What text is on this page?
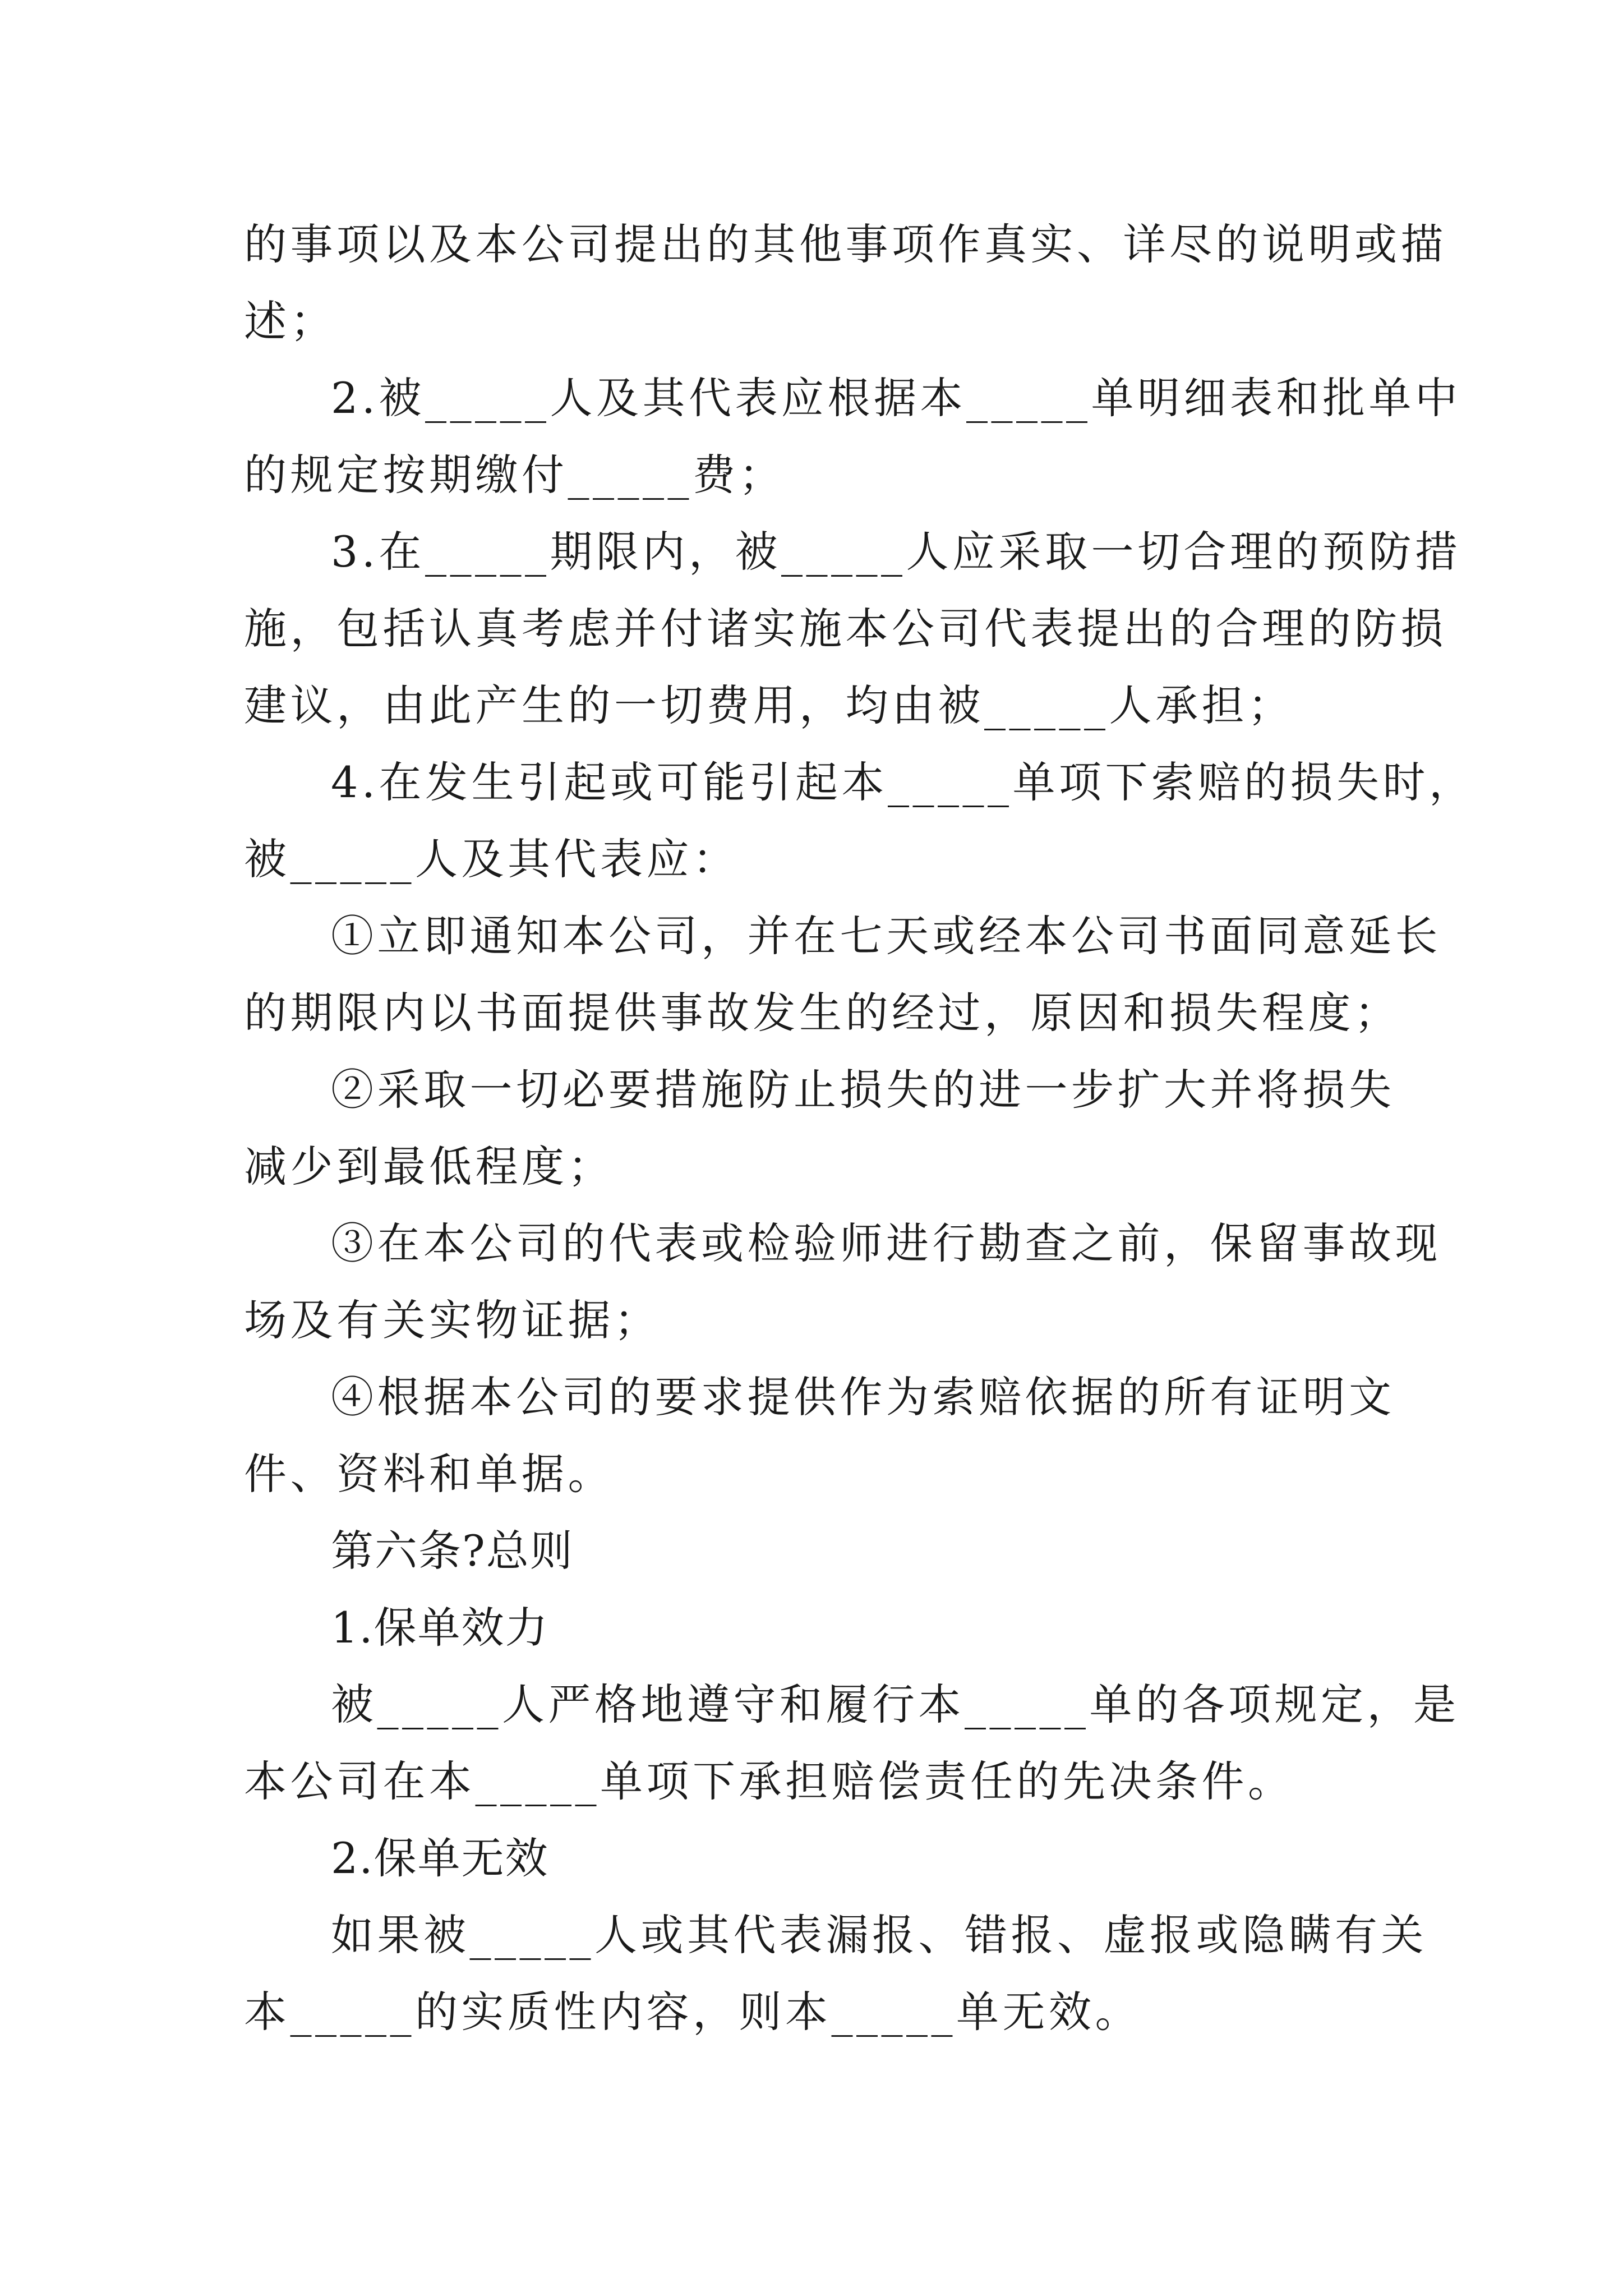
的事项以及本公司提出的其他事项作真实、详尽的说明或描
述；
2.被_____人及其代表应根据本_____单明细表和批单中
的规定按期缴付_____费；
3.在_____期限内，被_____人应采取一切合理的预防措
施，包括认真考虑并付诸实施本公司代表提出的合理的防损
建议，由此产生的一切费用，均由被_____人承担；
4.在发生引起或可能引起本_____单项下索赔的损失时，
被_____人及其代表应：
①立即通知本公司，并在七天或经本公司书面同意延长
的期限内以书面提供事故发生的经过，原因和损失程度；
②采取一切必要措施防止损失的进一步扩大并将损失
减少到最低程度；
③在本公司的代表或检验师进行勘查之前，保留事故现
场及有关实物证据；
④根据本公司的要求提供作为索赔依据的所有证明文
件、资料和单据。
第六条?总则
1.保单效力
被_____人严格地遵守和履行本_____单的各项规定，是
本公司在本_____单项下承担赔偿责任的先决条件。
2.保单无效
如果被_____人或其代表漏报、错报、虚报或隐瞒有关
本_____的实质性内容，则本_____单无效。
